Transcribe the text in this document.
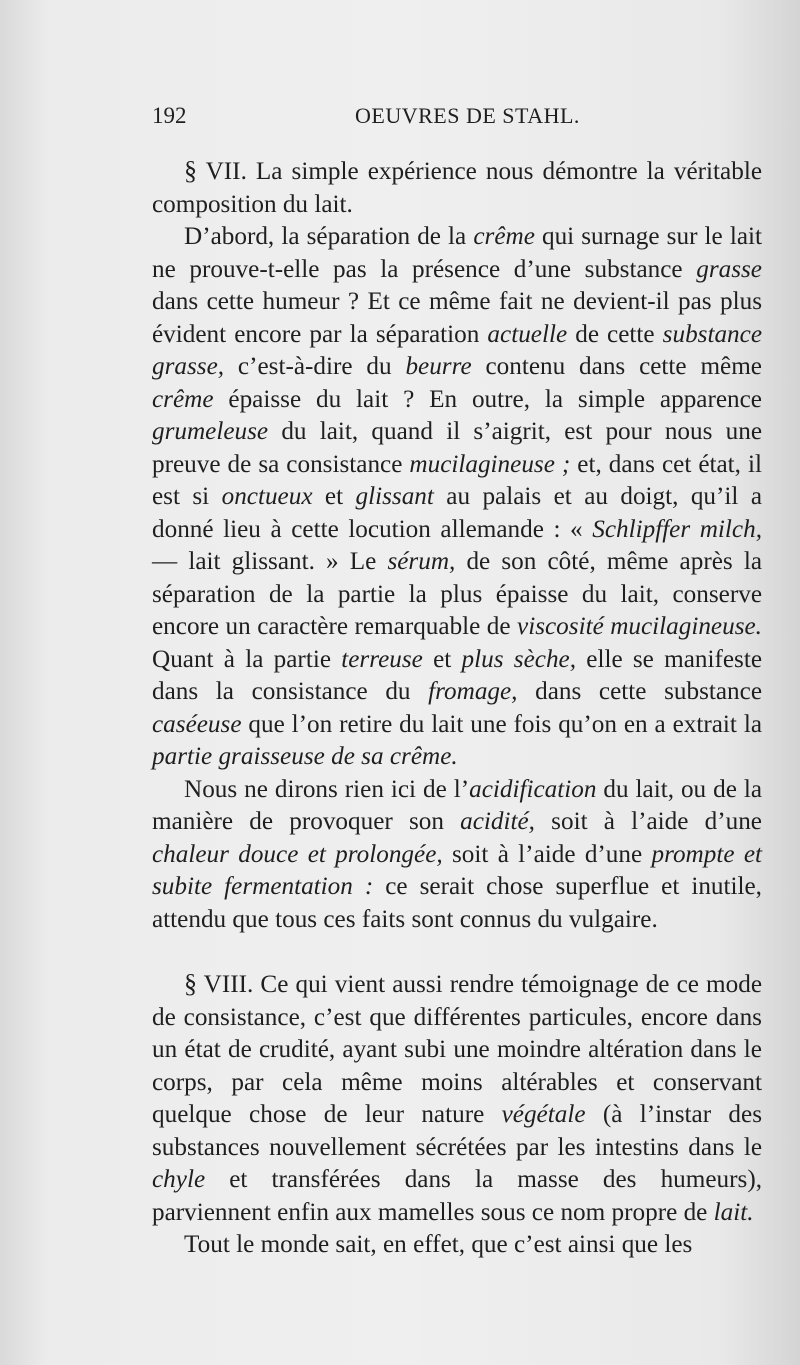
192	OEUVRES DE STAHL.

§ VII. La simple expérience nous démontre la véritable composition du lait.

D’abord, la séparation de la crême qui surnage sur le lait ne prouve-t-elle pas la présence d’une substance grasse dans cette humeur ? Et ce même fait ne devient-il pas plus évident encore par la séparation actuelle de cette substance grasse, c’est-à-dire du beurre contenu dans cette même crême épaisse du lait ? En outre, la simple apparence grumeleuse du lait, quand il s’aigrit, est pour nous une preuve de sa consistance mucilagineuse ; et, dans cet état, il est si onctueux et glissant au palais et au doigt, qu’il a donné lieu à cette locution allemande : « Schlipffer milch, — lait glissant. » Le sérum, de son côté, même après la séparation de la partie la plus épaisse du lait, conserve encore un caractère remarquable de viscosité mucilagineuse. Quant à la partie terreuse et plus sèche, elle se manifeste dans la consistance du fromage, dans cette substance caséeuse que l’on retire du lait une fois qu’on en a extrait la partie graisseuse de sa crême.

Nous ne dirons rien ici de l’acidification du lait, ou de la manière de provoquer son acidité, soit à l’aide d’une chaleur douce et prolongée, soit à l’aide d’une prompte et subite fermentation : ce serait chose superflue et inutile, attendu que tous ces faits sont connus du vulgaire.

§ VIII. Ce qui vient aussi rendre témoignage de ce mode de consistance, c’est que différentes particules, encore dans un état de crudité, ayant subi une moindre altération dans le corps, par cela même moins altérables et conservant quelque chose de leur nature végétale (à l’instar des substances nouvellement sécrétées par les intestins dans le chyle et transférées dans la masse des humeurs), parviennent enfin aux mamelles sous ce nom propre de lait.

Tout le monde sait, en effet, que c’est ainsi que les
